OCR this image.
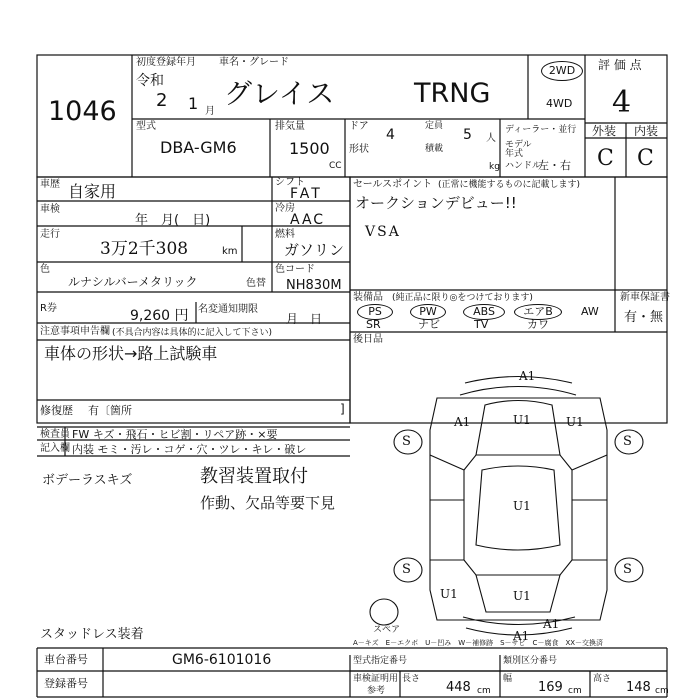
1046
初度登録年月 車名・グレード
令和
2 1 月
グレイス	TRNG
2WD
4WD
評 価 点
4
外装 内装
C C
型式
DBA-GM6
排気量
1500
CC
ドア
4
定員
5 人
形状	積載
kg
ディーラー・並行
モデル 年式
ハンドル
左・右
車歴 自家用	シフト
FAT
車検
年　月(　日)
冷房
AAC
走行
3万2千308	km
燃料
ガソリン
色
ルナシルバーメタリック	色替
色コード
NH830M
R券	9,260 円 名変通知期限
月　日
注意事項申告欄 (不具合内容は具体的に記入して下さい)
車体の形状→路上試験車
修復歴 有〔箇所	]
検査員
記入欄
FW キズ・飛石・ヒビ割・リペア跡・×要
内装 モミ・汚レ・コゲ・穴・ツレ・キレ・破レ
セールスポイント (正常に機能するものに記載します)
オークションデビュー!!
VSA
装備品 (純正品に限り◎をつけております)	新車保証書
有・無
PS	PW	ABS	エアB	AW
SR	ナビ	TV	カワ
後日品
ボデーラスキズ	教習装置取付
作動、欠品等要下見
スタッドレス装着
A1
A1	U1	U1
U1
S	S
S	S
U1	U1
A1
A1
スペア
A－キズ　E－エクボ　U－凹み　W－補修跡　S－サビ　C－腐食　XX－交換済
車台番号	GM6-6101016
登録番号
型式指定番号	類別区分番号
車検証明用
参考
長さ
448 cm
幅
169 cm
高さ
148 cm
